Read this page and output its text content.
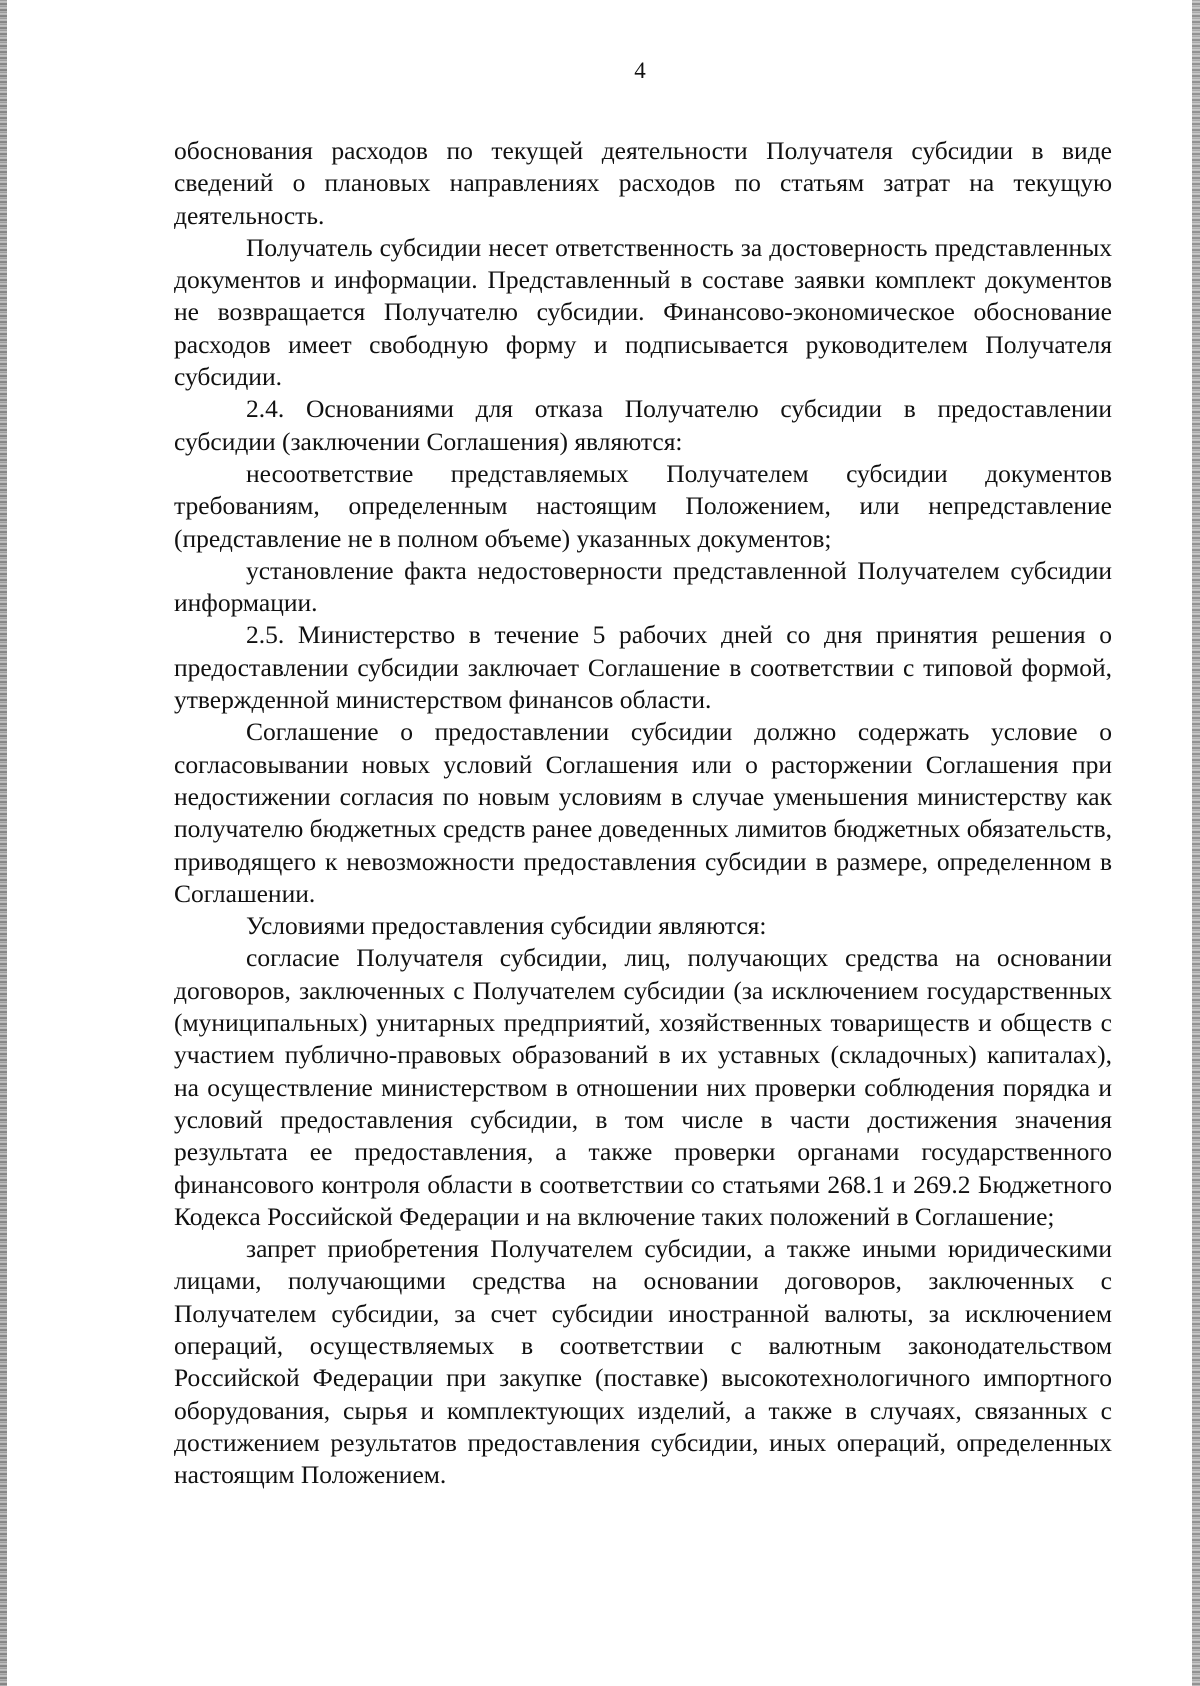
4

обоснования расходов по текущей деятельности Получателя субсидии в виде сведений о плановых направлениях расходов по статьям затрат на текущую деятельность.

Получатель субсидии несет ответственность за достоверность представленных документов и информации. Представленный в составе заявки комплект документов не возвращается Получателю субсидии. Финансово-экономическое обоснование расходов имеет свободную форму и подписывается руководителем Получателя субсидии.

2.4. Основаниями для отказа Получателю субсидии в предоставлении субсидии (заключении Соглашения) являются:

несоответствие представляемых Получателем субсидии документов требованиям, определенным настоящим Положением, или непредставление (представление не в полном объеме) указанных документов;

установление факта недостоверности представленной Получателем субсидии информации.

2.5. Министерство в течение 5 рабочих дней со дня принятия решения о предоставлении субсидии заключает Соглашение в соответствии с типовой формой, утвержденной министерством финансов области.

Соглашение о предоставлении субсидии должно содержать условие о согласовывании новых условий Соглашения или о расторжении Соглашения при недостижении согласия по новым условиям в случае уменьшения министерству как получателю бюджетных средств ранее доведенных лимитов бюджетных обязательств, приводящего к невозможности предоставления субсидии в размере, определенном в Соглашении.

Условиями предоставления субсидии являются:

согласие Получателя субсидии, лиц, получающих средства на основании договоров, заключенных с Получателем субсидии (за исключением государственных (муниципальных) унитарных предприятий, хозяйственных товариществ и обществ с участием публично-правовых образований в их уставных (складочных) капиталах), на осуществление министерством в отношении них проверки соблюдения порядка и условий предоставления субсидии, в том числе в части достижения значения результата ее предоставления, а также проверки органами государственного финансового контроля области в соответствии со статьями 268.1 и 269.2 Бюджетного Кодекса Российской Федерации и на включение таких положений в Соглашение;

запрет приобретения Получателем субсидии, а также иными юридическими лицами, получающими средства на основании договоров, заключенных с Получателем субсидии, за счет субсидии иностранной валюты, за исключением операций, осуществляемых в соответствии с валютным законодательством Российской Федерации при закупке (поставке) высокотехнологичного импортного оборудования, сырья и комплектующих изделий, а также в случаях, связанных с достижением результатов предоставления субсидии, иных операций, определенных настоящим Положением.
